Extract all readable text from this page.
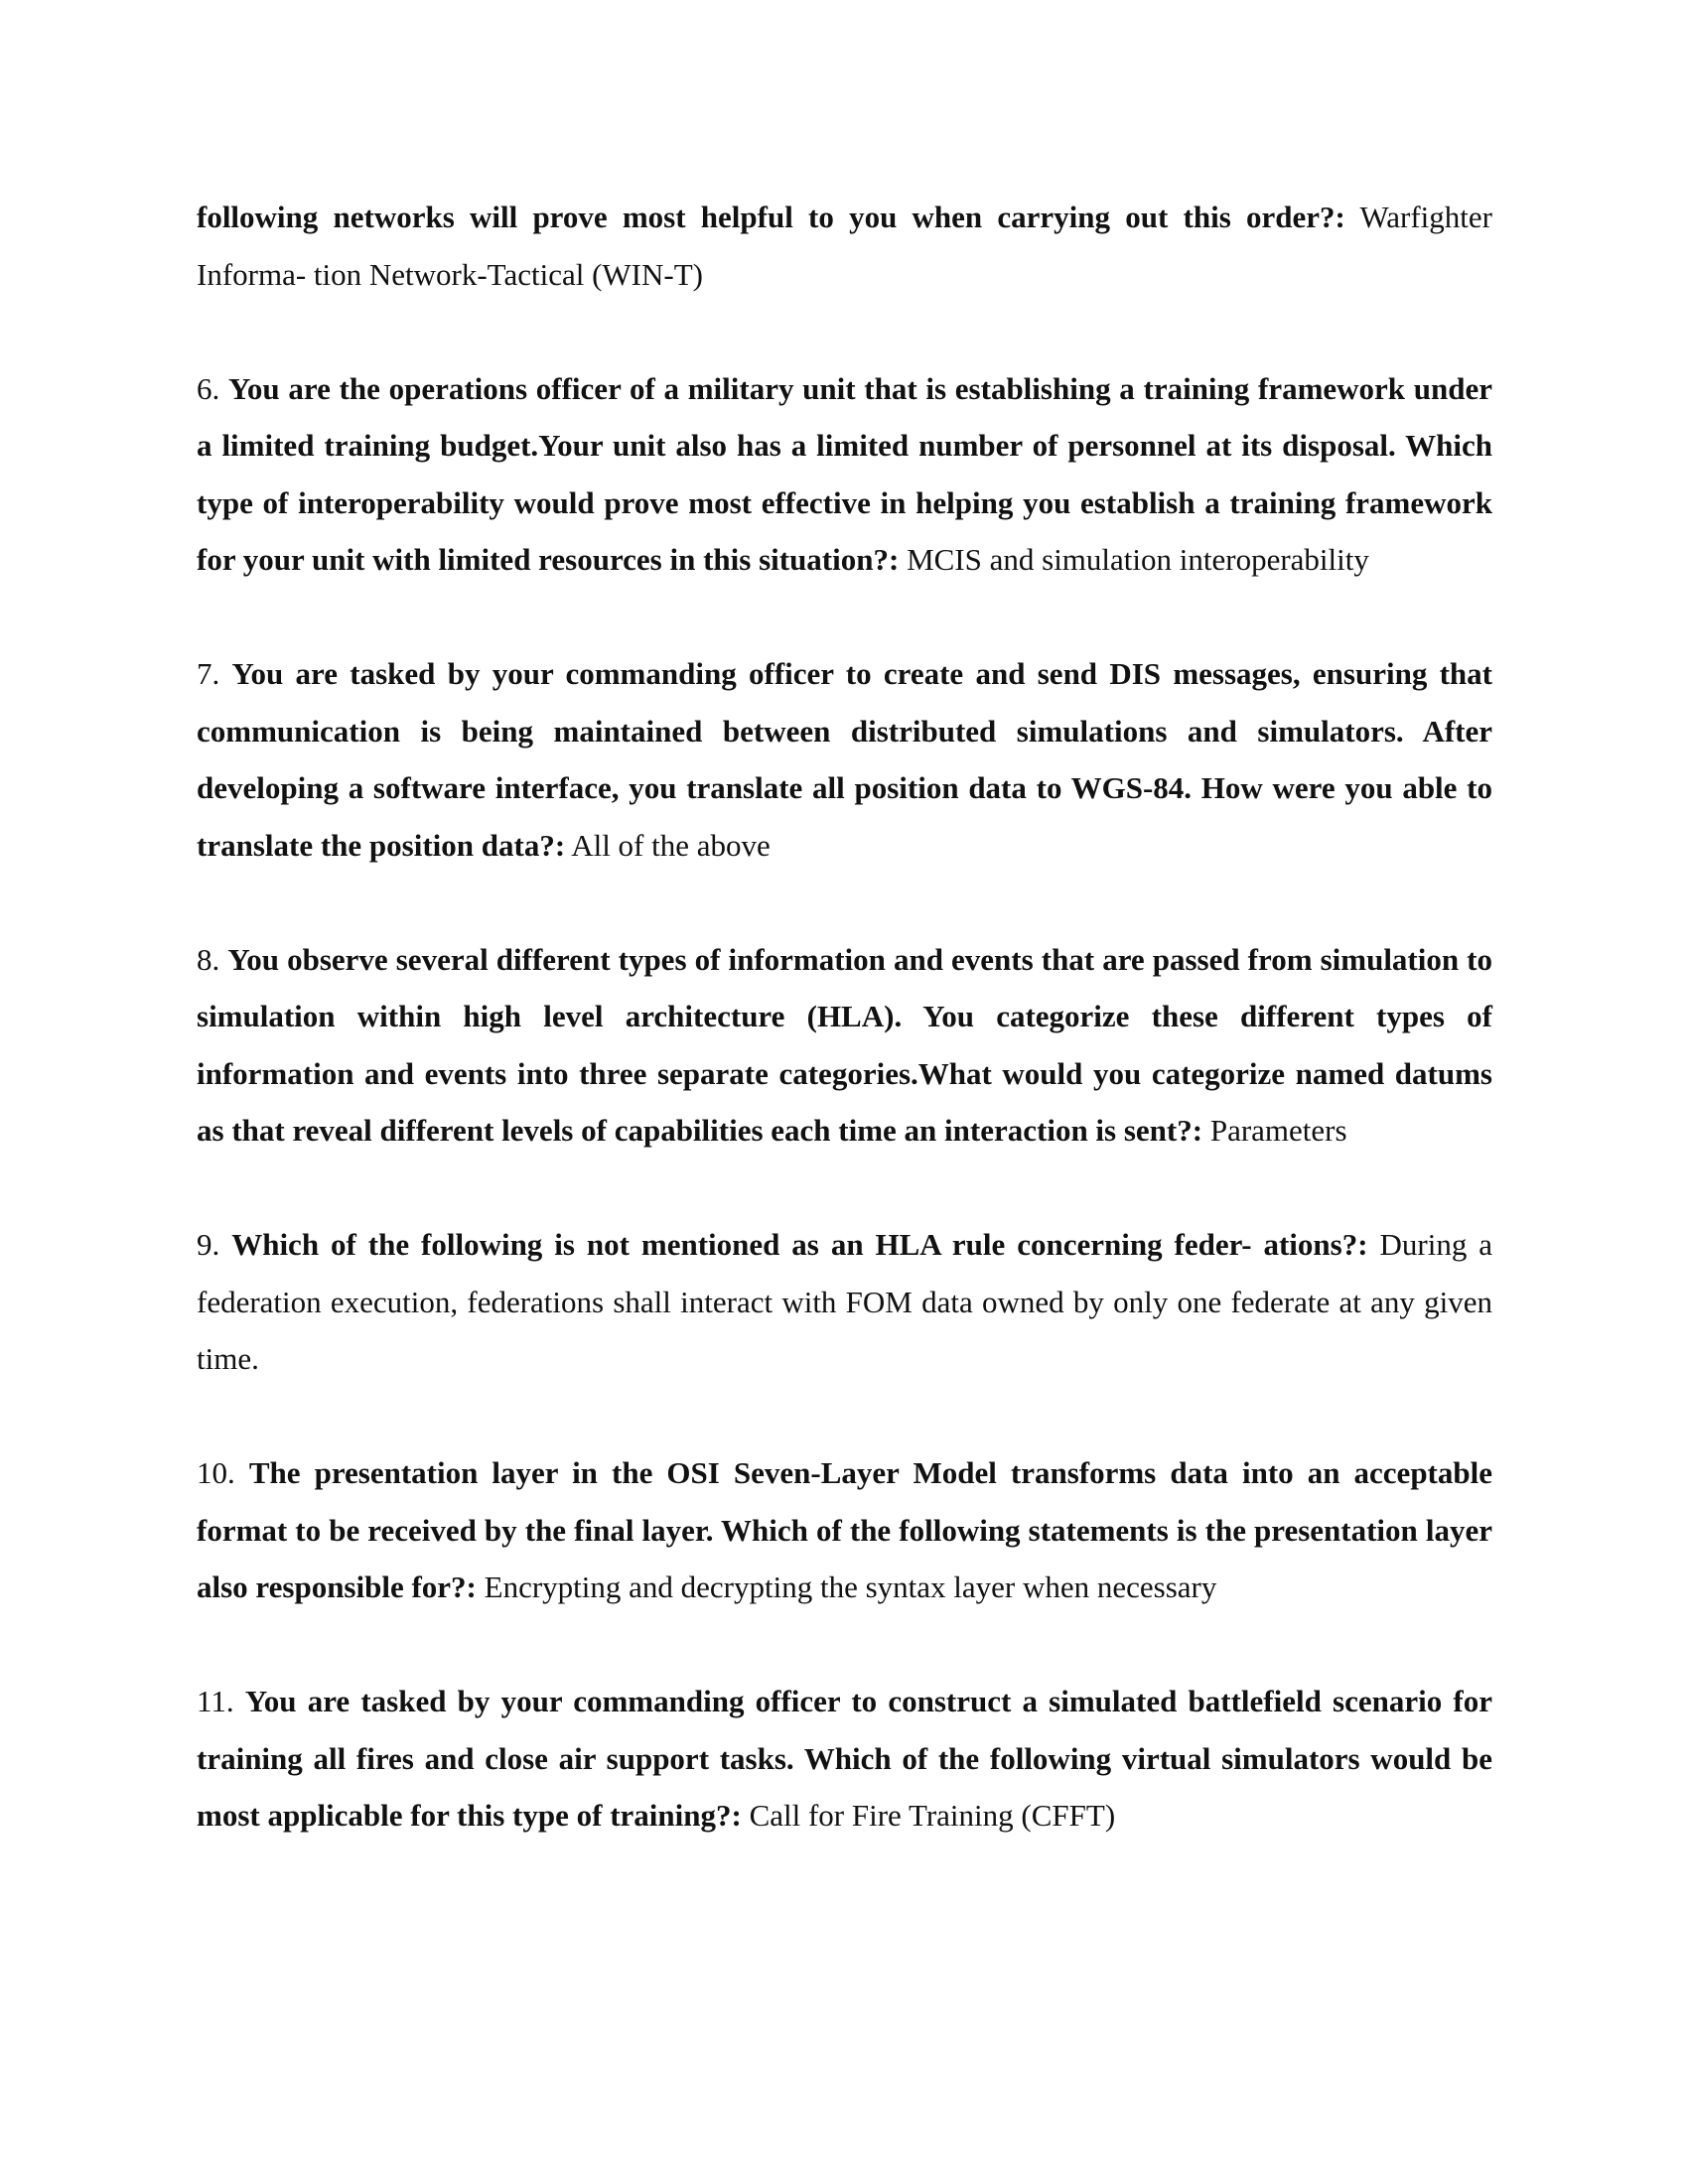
following networks will prove most helpful to you when carrying out this order?: Warfighter Informa- tion Network-Tactical (WIN-T)

6. You are the operations officer of a military unit that is establishing a training framework under a limited training budget.Your unit also has a limited number of personnel at its disposal. Which type of interoperability would prove most effective in helping you establish a training framework for your unit with limited resources in this situation?: MCIS and simulation interoperability

7. You are tasked by your commanding officer to create and send DIS messages, ensuring that communication is being maintained between distributed simulations and simulators. After developing a software interface, you translate all position data to WGS-84. How were you able to translate the position data?: All of the above

8. You observe several different types of information and events that are passed from simulation to simulation within high level architecture (HLA). You categorize these different types of information and events into three separate categories.What would you categorize named datums as that reveal different levels of capabilities each time an interaction is sent?: Parameters

9. Which of the following is not mentioned as an HLA rule concerning feder- ations?: During a federation execution, federations shall interact with FOM data owned by only one federate at any given time.

10. The presentation layer in the OSI Seven-Layer Model transforms data into an acceptable format to be received by the final layer. Which of the following statements is the presentation layer also responsible for?: Encrypting and decrypting the syntax layer when necessary

11. You are tasked by your commanding officer to construct a simulated battlefield scenario for training all fires and close air support tasks. Which of the following virtual simulators would be most applicable for this type of training?: Call for Fire Training (CFFT)
